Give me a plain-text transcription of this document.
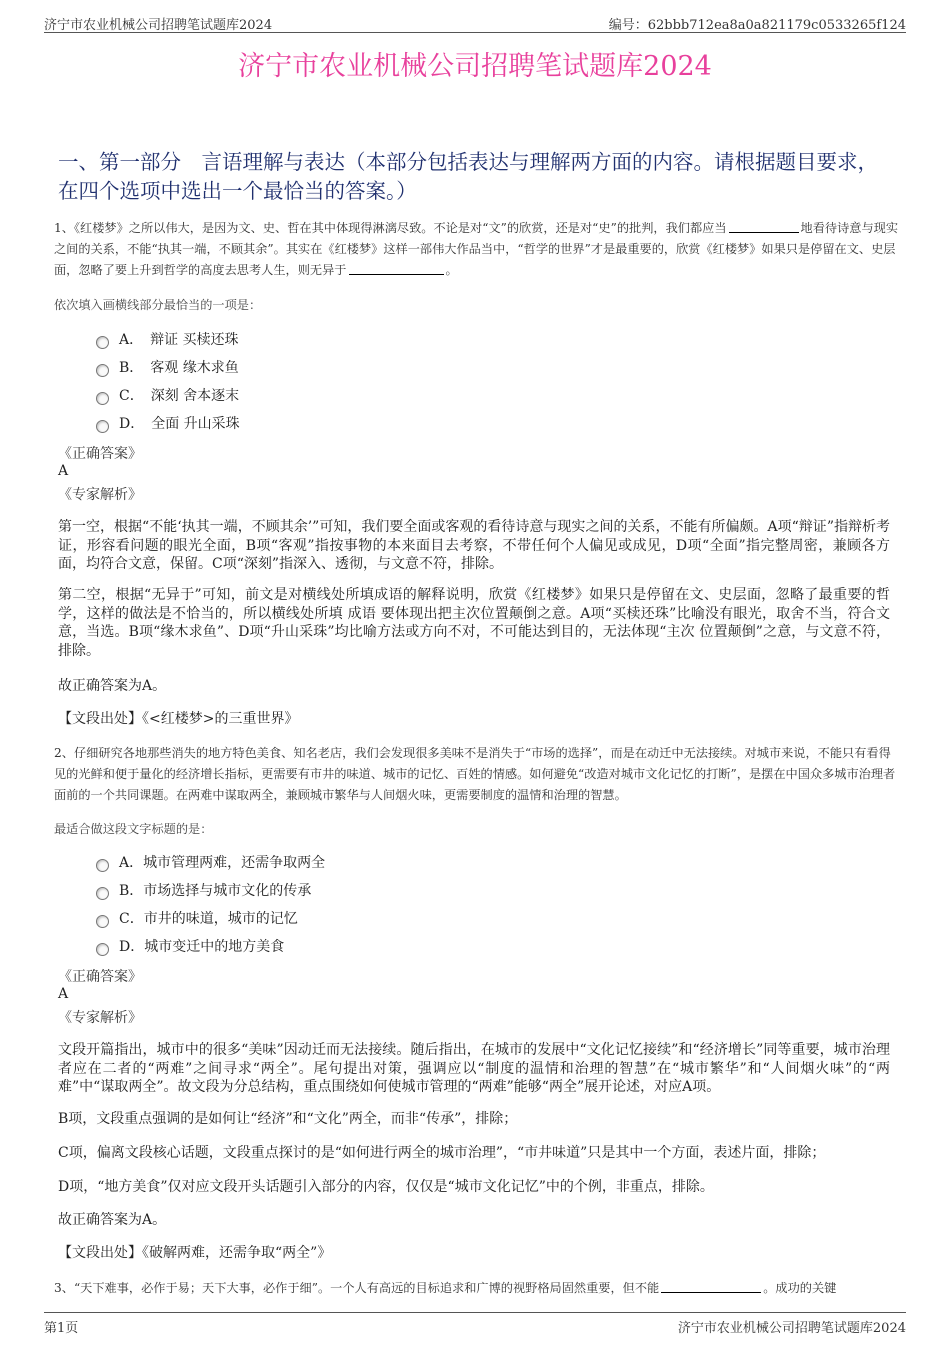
济宁市农业机械公司招聘笔试题库2024	编号：62bbb712ea8a0a821179c0533265f124
济宁市农业机械公司招聘笔试题库2024
一、第一部分　言语理解与表达（本部分包括表达与理解两方面的内容。请根据题目要求，在四个选项中选出一个最恰当的答案。）
1、《红楼梦》之所以伟大，是因为文、史、哲在其中体现得淋漓尽致。不论是对“文”的欣赏，还是对“史”的批判，我们都应当	地看待诗意与现实之间的关系，不能“执其一端，不顾其余”。其实在《红楼梦》这样一部伟大作品当中，“哲学的世界”才是最重要的，欣赏《红楼梦》如果只是停留在文、史层面，忽略了要上升到哲学的高度去思考人生，则无异于	。
依次填入画横线部分最恰当的一项是：
A．　辩证 买椟还珠
B．　客观 缘木求鱼
C．　深刻 舍本逐末
D．　全面 升山采珠
《正确答案》
A
《专家解析》
第一空，根据“不能‘执其一端，不顾其余’”可知，我们要全面或客观的看待诗意与现实之间的关系，不能有所偏颇。A项“辩证”指辩析考证，形容看问题的眼光全面，B项“客观”指按事物的本来面目去考察，不带任何个人偏见或成见，D项“全面”指完整周密，兼顾各方面，均符合文意，保留。C项“深刻”指深入、透彻，与文意不符，排除。
第二空，根据“无异于”可知，前文是对横线处所填成语的解释说明，欣赏《红楼梦》如果只是停留在文、史层面，忽略了最重要的哲学，这样的做法是不恰当的，所以横线处所填 成语 要体现出把主次位置颠倒之意。A项“买椟还珠”比喻没有眼光，取舍不当，符合文意，当选。B项“缘木求鱼”、D项“升山采珠”均比喻方法或方向不对，不可能达到目的，无法体现“主次 位置颠倒”之意，与文意不符，排除。
故正确答案为A。
【文段出处】《<红楼梦>的三重世界》
2、仔细研究各地那些消失的地方特色美食、知名老店，我们会发现很多美味不是消失于“市场的选择”，而是在动迁中无法接续。对城市来说，不能只有看得见的光鲜和便于量化的经济增长指标，更需要有市井的味道、城市的记忆、百姓的情感。如何避免“改造对城市文化记忆的打断”，是摆在中国众多城市治理者面前的一个共同课题。在两难中谋取两全，兼顾城市繁华与人间烟火味，更需要制度的温情和治理的智慧。
最适合做这段文字标题的是：
A．城市管理两难，还需争取两全
B．市场选择与城市文化的传承
C．市井的味道，城市的记忆
D．城市变迁中的地方美食
《正确答案》
A
《专家解析》
文段开篇指出，城市中的很多“美味”因动迁而无法接续。随后指出，在城市的发展中“文化记忆接续”和“经济增长”同等重要，城市治理者应在二者的“两难”之间寻求“两全”。尾句提出对策，强调应以“制度的温情和治理的智慧”在“城市繁华”和“人间烟火味”的“两难”中“谋取两全”。故文段为分总结构，重点围绕如何使城市管理的“两难”能够“两全”展开论述，对应A项。
B项，文段重点强调的是如何让“经济”和“文化”两全，而非“传承”，排除；
C项，偏离文段核心话题，文段重点探讨的是“如何进行两全的城市治理”，“市井味道”只是其中一个方面，表述片面，排除；
D项，“地方美食”仅对应文段开头话题引入部分的内容，仅仅是“城市文化记忆”中的个例，非重点，排除。
故正确答案为A。
【文段出处】《破解两难，还需争取“两全”》
3、“天下难事，必作于易；天下大事，必作于细”。一个人有高远的目标追求和广博的视野格局固然重要，但不能	。成功的关键
第1页	济宁市农业机械公司招聘笔试题库2024
